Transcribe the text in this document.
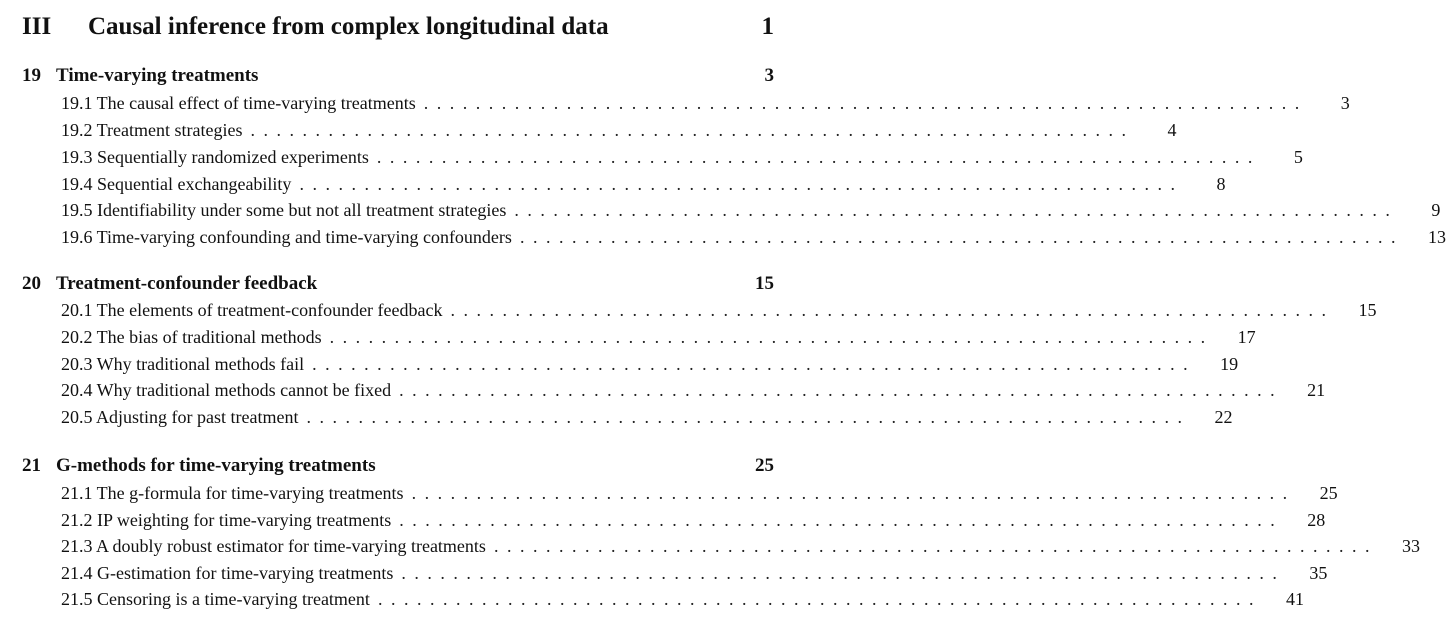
III	Causal inference from complex longitudinal data	1
19 Time-varying treatments	3
19.1 The causal effect of time-varying treatments ....................................................................	3
19.2 Treatment strategies ....................................................................	4
19.3 Sequentially randomized experiments ....................................................................	5
19.4 Sequential exchangeability ....................................................................	8
19.5 Identifiability under some but not all treatment strategies ....................................................................	9
19.6 Time-varying confounding and time-varying confounders ....................................................................	13
20 Treatment-confounder feedback	15
20.1 The elements of treatment-confounder feedback ....................................................................	15
20.2 The bias of traditional methods ....................................................................	17
20.3 Why traditional methods fail ....................................................................	19
20.4 Why traditional methods cannot be fixed ....................................................................	21
20.5 Adjusting for past treatment ....................................................................	22
21 G-methods for time-varying treatments	25
21.1 The g-formula for time-varying treatments ....................................................................	25
21.2 IP weighting for time-varying treatments ....................................................................	28
21.3 A doubly robust estimator for time-varying treatments ....................................................................	33
21.4 G-estimation for time-varying treatments ....................................................................	35
21.5 Censoring is a time-varying treatment ....................................................................	41
